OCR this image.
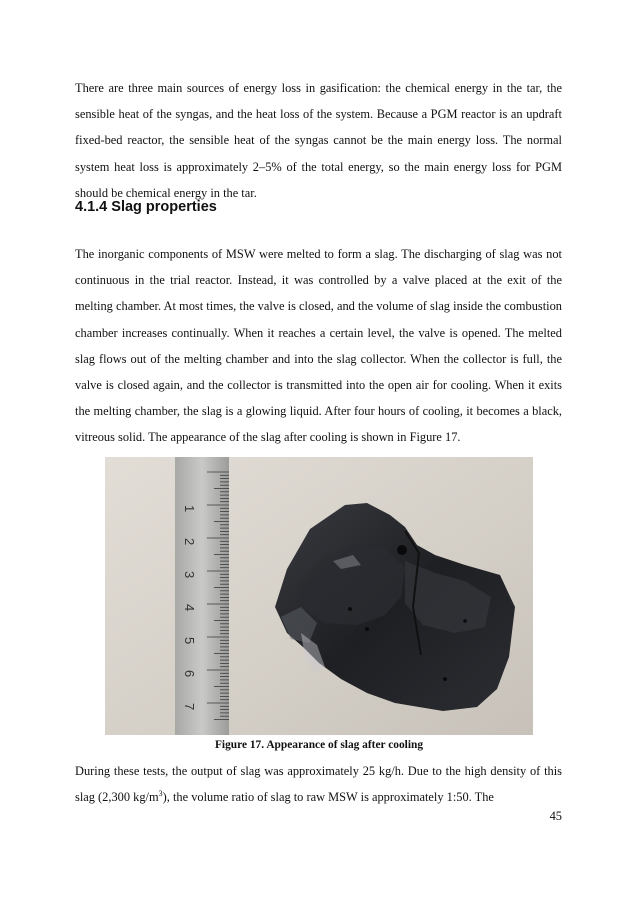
There are three main sources of energy loss in gasification: the chemical energy in the tar, the sensible heat of the syngas, and the heat loss of the system. Because a PGM reactor is an updraft fixed-bed reactor, the sensible heat of the syngas cannot be the main energy loss. The normal system heat loss is approximately 2–5% of the total energy, so the main energy loss for PGM should be chemical energy in the tar.

4.1.4 Slag properties

The inorganic components of MSW were melted to form a slag. The discharging of slag was not continuous in the trial reactor. Instead, it was controlled by a valve placed at the exit of the melting chamber. At most times, the valve is closed, and the volume of slag inside the combustion chamber increases continually. When it reaches a certain level, the valve is opened. The melted slag flows out of the melting chamber and into the slag collector. When the collector is full, the valve is closed again, and the collector is transmitted into the open air for cooling. When it exits the melting chamber, the slag is a glowing liquid. After four hours of cooling, it becomes a black, vitreous solid. The appearance of the slag after cooling is shown in Figure 17.

1
2
3
4
5
6
7

Figure 17. Appearance of slag after cooling

During these tests, the output of slag was approximately 25 kg/h. Due to the high density of this slag (2,300 $kg/m^3$), the volume ratio of slag to raw MSW is approximately 1:50. The

45
